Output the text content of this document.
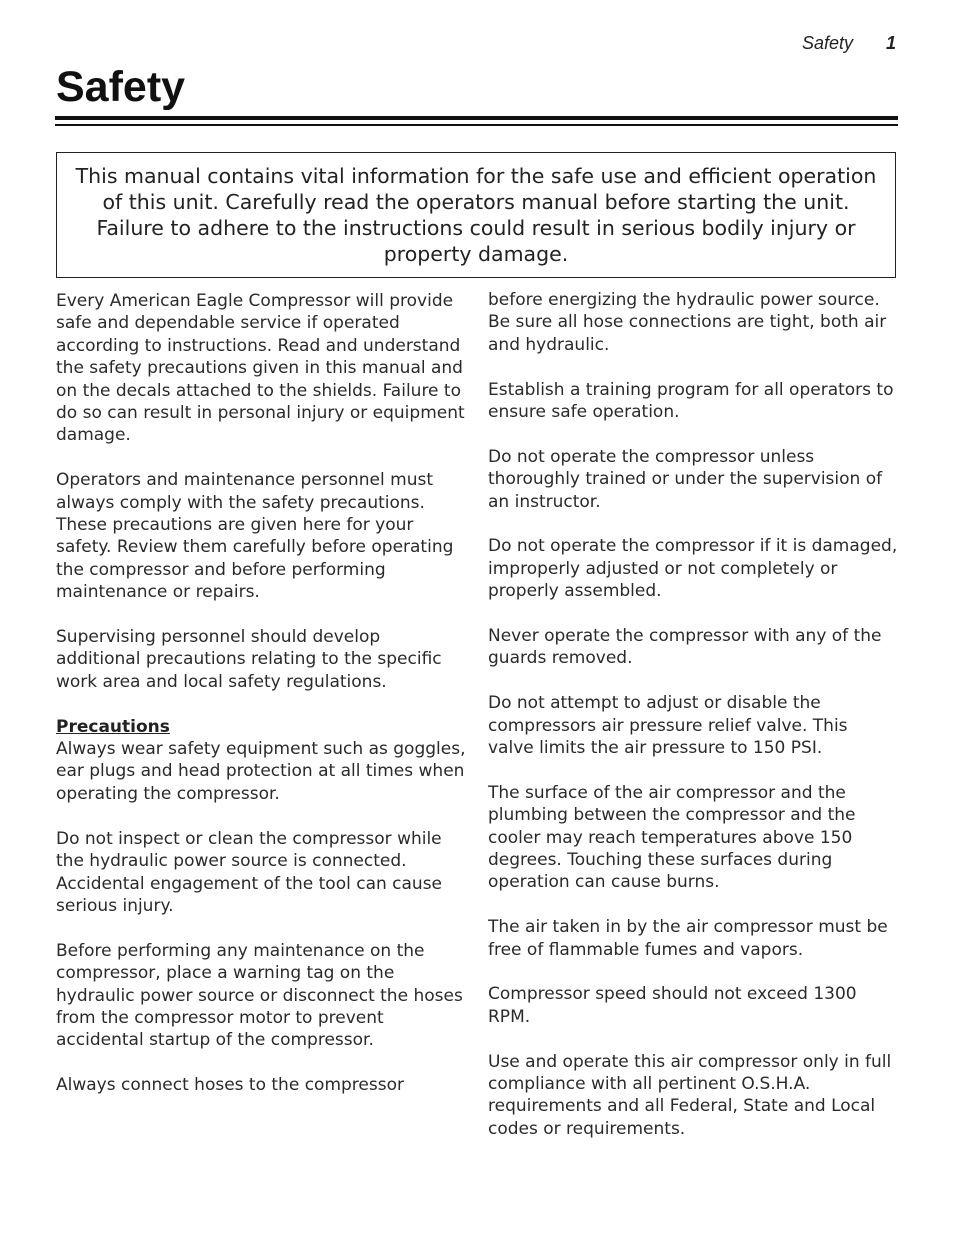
Safety 1
Safety

This manual contains vital information for the safe use and efficient operation of this unit. Carefully read the operators manual before starting the unit. Failure to adhere to the instructions could result in serious bodily injury or property damage.

Every American Eagle Compressor will provide safe and dependable service if operated according to instructions. Read and understand the safety precautions given in this manual and on the decals attached to the shields. Failure to do so can result in personal injury or equipment damage.

Operators and maintenance personnel must always comply with the safety precautions. These precautions are given here for your safety. Review them carefully before operating the compressor and before performing maintenance or repairs.

Supervising personnel should develop additional precautions relating to the specific work area and local safety regulations.

Precautions

Always wear safety equipment such as goggles, ear plugs and head protection at all times when operating the compressor.

Do not inspect or clean the compressor while the hydraulic power source is connected. Accidental engagement of the tool can cause serious injury.

Before performing any maintenance on the compressor, place a warning tag on the hydraulic power source or disconnect the hoses from the compressor motor to prevent accidental startup of the compressor.

Always connect hoses to the compressor

before energizing the hydraulic power source. Be sure all hose connections are tight, both air and hydraulic.

Establish a training program for all operators to ensure safe operation.

Do not operate the compressor unless thoroughly trained or under the supervision of an instructor.

Do not operate the compressor if it is damaged, improperly adjusted or not completely or properly assembled.

Never operate the compressor with any of the guards removed.

Do not attempt to adjust or disable the compressors air pressure relief valve. This valve limits the air pressure to 150 PSI.

The surface of the air compressor and the plumbing between the compressor and the cooler may reach temperatures above 150 degrees. Touching these surfaces during operation can cause burns.

The air taken in by the air compressor must be free of flammable fumes and vapors.

Compressor speed should not exceed 1300 RPM.

Use and operate this air compressor only in full compliance with all pertinent O.S.H.A. requirements and all Federal, State and Local codes or requirements.
